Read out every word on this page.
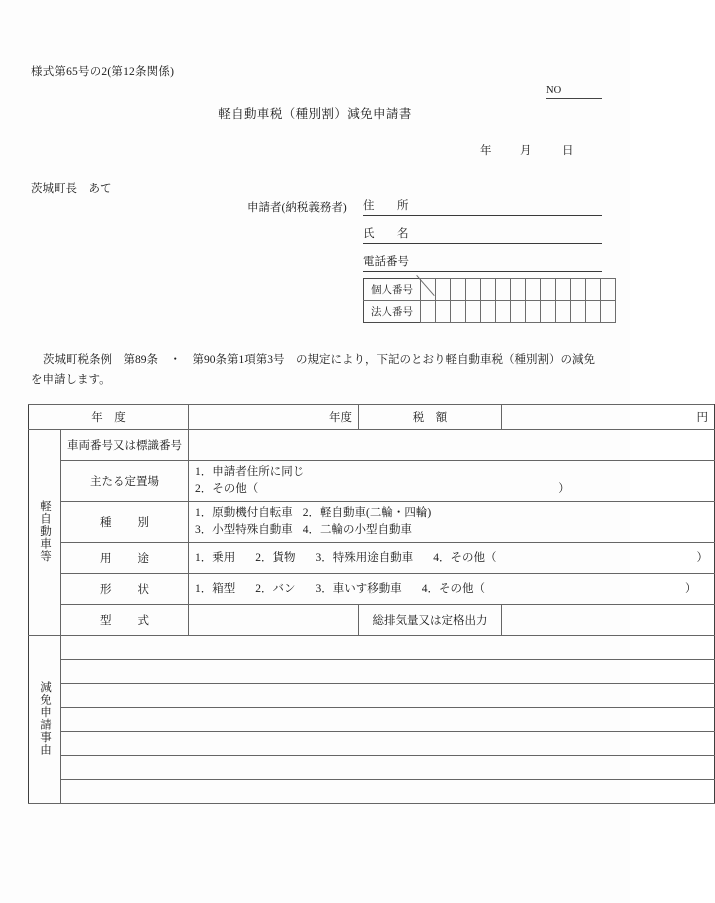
様式第65号の2(第12条関係)
NO
軽自動車税（種別割）減免申請書
年 月	日
茨城町長　あて
申請者(納税義務者) 住 所
氏 名
電話番号
個人番号													
法人番号													
茨城町税条例　第89条　・　第90条第1項第3号　の規定により，下記のとおり軽自動車税（種別割）の減免を申請します。
年　度		年度	税　額	円
軽自動車等	車両番号又は標識番号			
	主たる定置場	1．申請者住所に同じ
2．その他（ ）		

	種 別	1．原動機付自転車 2．軽自動車(二輪・四輪)
3．小型特殊自動車 4．二輪の小型自動車		

	用 途	1．乗用 2．貨物 3．特殊用途自動車 4．その他（ ）		

	形 状	1．箱型 2．バン 3．車いす移動車 4．その他（ ）		

	型 式		総排気量又は定格出力	
減免申請事由				
